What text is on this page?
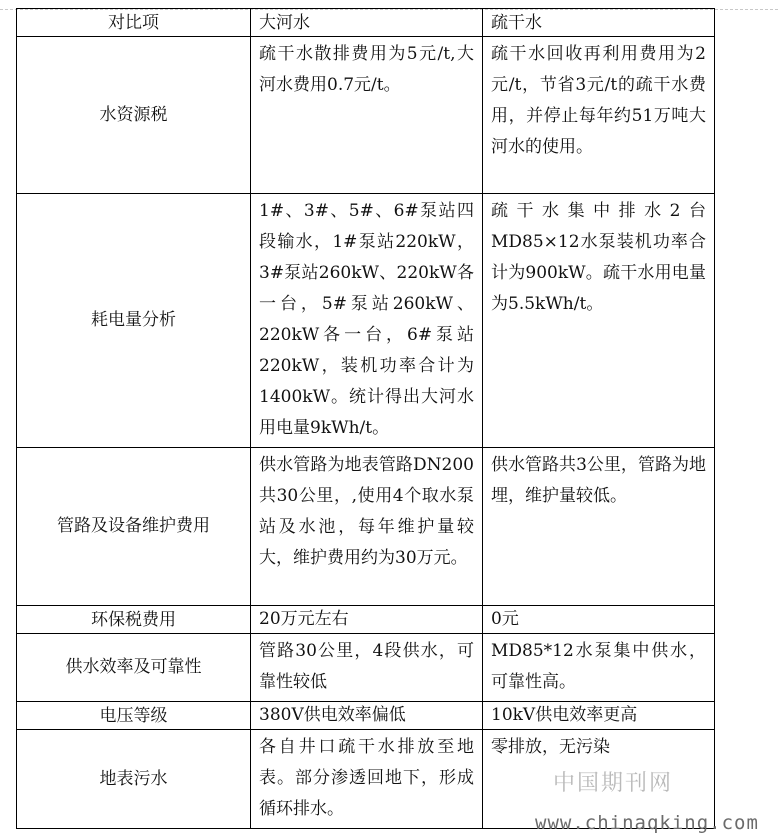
对比项	大河水	疏干水
水资源税	疏干水散排费用为5元/t,大河水费用0.7元/t。	疏干水回收再利用费用为2元/t，节省3元/t的疏干水费用，并停止每年约51万吨大河水的使用。
耗电量分析	1#、3#、5#、6#泵站四段输水，1#泵站220kW，3#泵站260kW、220kW各一台，5#泵站260kW、220kW各一台，6#泵站220kW，装机功率合计为1400kW。统计得出大河水用电量9kWh/t。	疏干水集中排水2台MD85×12水泵装机功率合计为900kW。疏干水用电量为5.5kWh/t。
管路及设备维护费用	供水管路为地表管路DN200共30公里，,使用4个取水泵站及水池，每年维护量较大，维护费用约为30万元。	供水管路共3公里，管路为地埋，维护量较低。
环保税费用	20万元左右	0元
供水效率及可靠性	管路30公里，4段供水，可靠性较低	MD85*12水泵集中供水，可靠性高。
电压等级	380V供电效率偏低	10kV供电效率更高
地表污水	各自井口疏干水排放至地表。部分渗透回地下，形成循环排水。	零排放，无污染
中国期刊网
www.chinaqking.com
